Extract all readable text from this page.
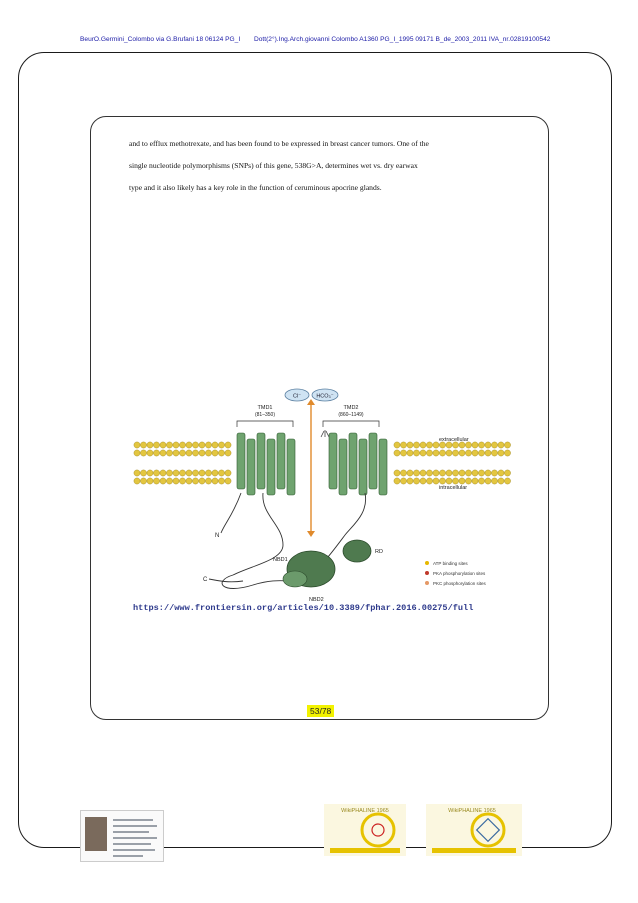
BeurO.Germini_Colombo via G.Brufani 18 06124 PG_I Dott(2°).Ing.Arch.giovanni Colombo A1360 PG_I_1995 09171 B_de_2003_2011 IVA_nr.02819100542

and to efflux methotrexate, and has been found to be expressed in breast cancer tumors. One of the

single nucleotide polymorphisms (SNPs) of this gene, 538G>A, determines wet vs. dry earwax

type and it also likely has a key role in the function of ceruminous apocrine glands.

Cl⁻	HCO₃⁻
TMD1
(81–350)
TMD2
(860–1149)
extracellular
intracellular
N
C
NBD1
NBD2
RD
ATP binding sites
PKA phosphorylation sites
PKC phosphorylation sites
https://www.frontiersin.org/articles/10.3389/fphar.2016.00275/full
53/78
WikiPHALINE 1965	WikiPHALINE 1965
